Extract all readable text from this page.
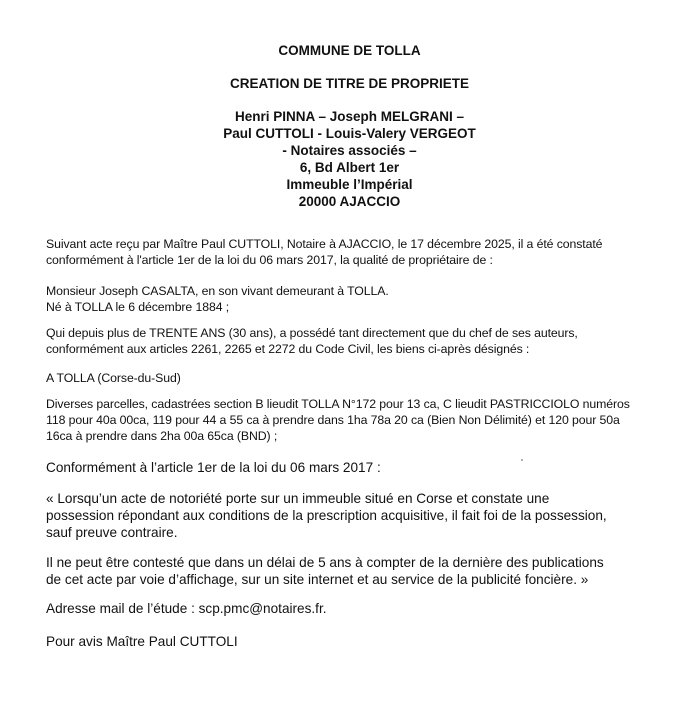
COMMUNE DE TOLLA
CREATION DE TITRE DE PROPRIETE
Henri PINNA – Joseph MELGRANI –
Paul CUTTOLI - Louis-Valery VERGEOT
- Notaires associés –
6, Bd Albert 1er
Immeuble l’Impérial
20000 AJACCIO
Suivant acte reçu par Maître Paul CUTTOLI, Notaire à AJACCIO, le 17 décembre 2025, il a été constaté
conformément à l'article 1er de la loi du 06 mars 2017, la qualité de propriétaire de :
Monsieur Joseph CASALTA, en son vivant demeurant à TOLLA.
Né à TOLLA le 6 décembre 1884 ;
Qui depuis plus de TRENTE ANS (30 ans), a possédé tant directement que du chef de ses auteurs,
conformément aux articles 2261, 2265 et 2272 du Code Civil, les biens ci-après désignés :
A TOLLA (Corse-du-Sud)
Diverses parcelles, cadastrées section B lieudit TOLLA N°172 pour 13 ca, C lieudit PASTRICCIOLO numéros
118 pour 40a 00ca, 119 pour 44 a 55 ca à prendre dans 1ha 78a 20 ca (Bien Non Délimité) et 120 pour 50a
16ca à prendre dans 2ha 00a 65ca (BND) ;
Conformément à l’article 1er de la loi du 06 mars 2017 :
« Lorsqu’un acte de notoriété porte sur un immeuble situé en Corse et constate une
possession répondant aux conditions de la prescription acquisitive, il fait foi de la possession,
sauf preuve contraire.
Il ne peut être contesté que dans un délai de 5 ans à compter de la dernière des publications
de cet acte par voie d’affichage, sur un site internet et au service de la publicité foncière. »
Adresse mail de l’étude : scp.pmc@notaires.fr.
Pour avis Maître Paul CUTTOLI
